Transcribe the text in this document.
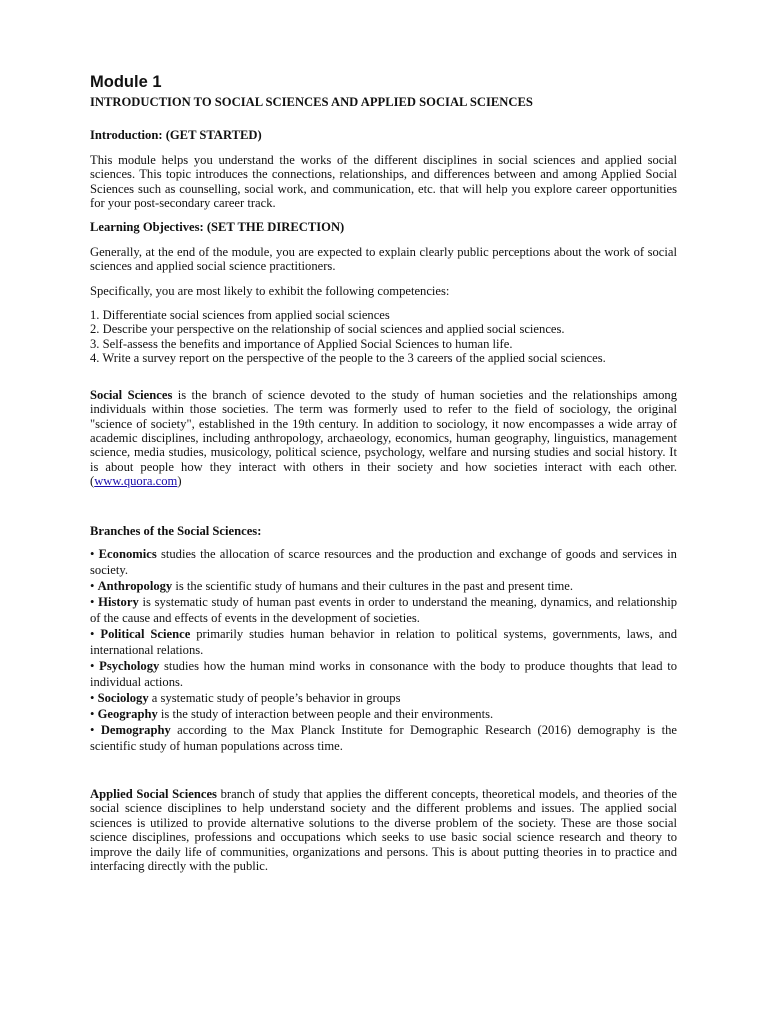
Module 1
INTRODUCTION TO SOCIAL SCIENCES AND APPLIED SOCIAL SCIENCES
Introduction: (GET STARTED)

This module helps you understand the works of the different disciplines in social sciences and applied social sciences. This topic introduces the connections, relationships, and differences between and among Applied Social Sciences such as counselling, social work, and communication, etc. that will help you explore career opportunities for your post-secondary career track.

Learning Objectives: (SET THE DIRECTION)

Generally, at the end of the module, you are expected to explain clearly public perceptions about the work of social sciences and applied social science practitioners.

Specifically, you are most likely to exhibit the following competencies:

1. Differentiate social sciences from applied social sciences

2. Describe your perspective on the relationship of social sciences and applied social sciences.

3. Self-assess the benefits and importance of Applied Social Sciences to human life.

4. Write a survey report on the perspective of the people to the 3 careers of the applied social sciences.

Social Sciences is the branch of science devoted to the study of human societies and the relationships among individuals within those societies. The term was formerly used to refer to the field of sociology, the original "science of society", established in the 19th century. In addition to sociology, it now encompasses a wide array of academic disciplines, including anthropology, archaeology, economics, human geography, linguistics, management science, media studies, musicology, political science, psychology, welfare and nursing studies and social history. It is about people how they interact with others in their society and how societies interact with each other. (www.quora.com)

Branches of the Social Sciences:

• Economics studies the allocation of scarce resources and the production and exchange of goods and services in society.

• Anthropology is the scientific study of humans and their cultures in the past and present time.

• History is systematic study of human past events in order to understand the meaning, dynamics, and relationship of the cause and effects of events in the development of societies.

• Political Science primarily studies human behavior in relation to political systems, governments, laws, and international relations.

• Psychology studies how the human mind works in consonance with the body to produce thoughts that lead to individual actions.

• Sociology a systematic study of people’s behavior in groups

• Geography is the study of interaction between people and their environments.

• Demography according to the Max Planck Institute for Demographic Research (2016) demography is the scientific study of human populations across time.

Applied Social Sciences branch of study that applies the different concepts, theoretical models, and theories of the social science disciplines to help understand society and the different problems and issues. The applied social sciences is utilized to provide alternative solutions to the diverse problem of the society. These are those social science disciplines, professions and occupations which seeks to use basic social science research and theory to improve the daily life of communities, organizations and persons. This is about putting theories in to practice and interfacing directly with the public.
